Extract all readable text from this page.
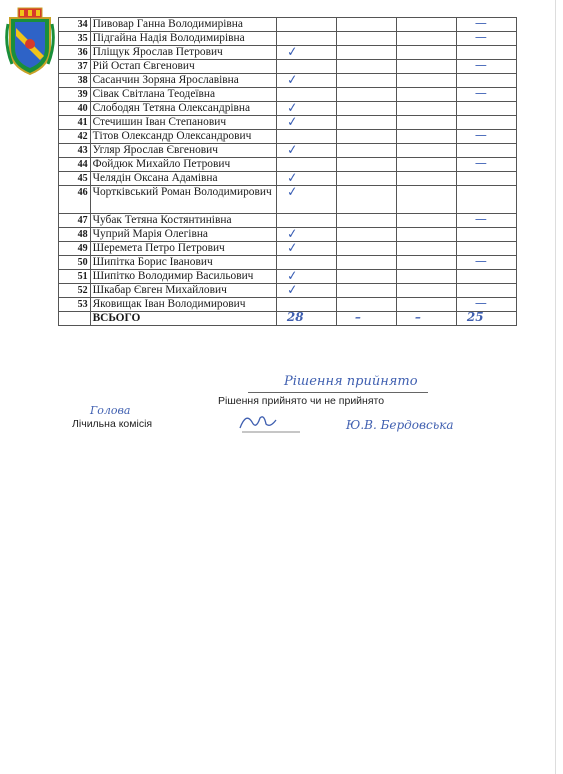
34	Пивовар Ганна Володимирівна				—

35	Підгайна Надія Володимирівна				—

36	Пліщук Ярослав Петрович	✓			

37	Рій Остап Євгенович				—

38	Сасанчин Зоряна Ярославівна	✓			

39	Сівак Світлана Теодеївна				—

40	Слободян Тетяна Олександрівна	✓			

41	Стечишин Іван Степанович	✓			

42	Тітов Олександр Олександрович				—

43	Угляр Ярослав Євгенович	✓			

44	Фойдюк Михайло Петрович				—

45	Челядін Оксана Адамівна	✓			

46	Чортківський Роман Володимирович	✓			

47	Чубак Тетяна Костянтинівна				—

48	Чуприй Марія Олегівна	✓			

49	Шеремета Петро Петрович	✓			

50	Шипітка Борис Іванович				—

51	Шипітко Володимир Васильович	✓			

52	Шкабар Євген Михайлович	✓			

53	Яковищак Іван Володимирович				—

	ВСЬОГО	28	–	–	25
Рішення прийнято
Рішення прийнято чи не прийнято
Голова
Лічильна комісія	Ю.В. Бердовська
